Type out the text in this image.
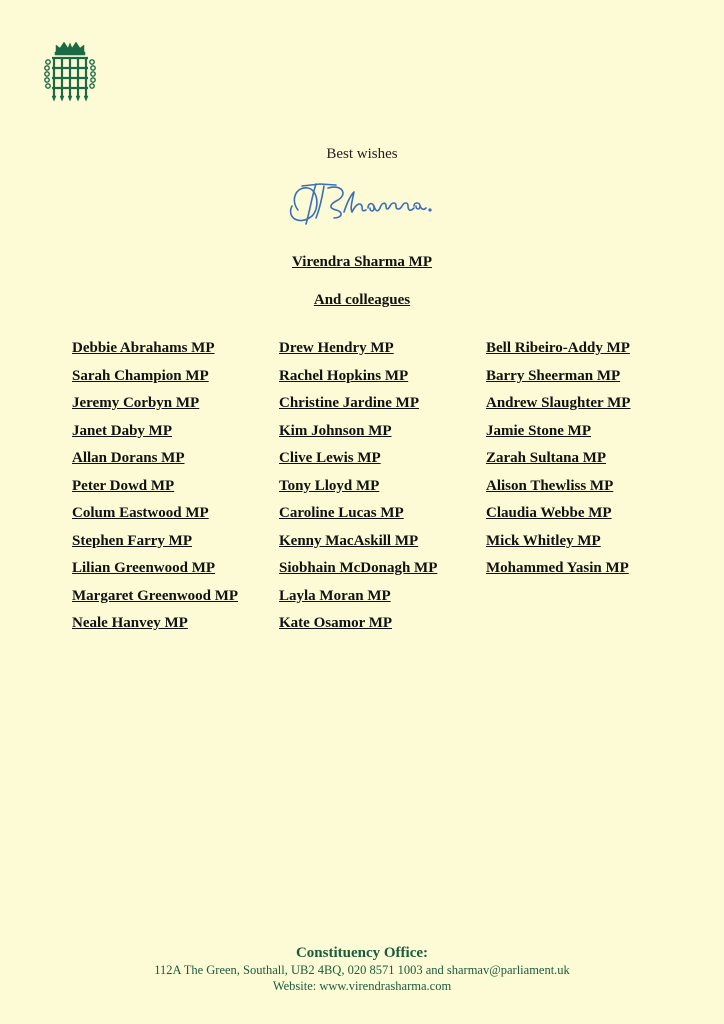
Best wishes
Virendra Sharma MP
And colleagues
Debbie Abrahams MP
Sarah Champion MP
Jeremy Corbyn MP
Janet Daby MP
Allan Dorans MP
Peter Dowd MP
Colum Eastwood MP
Stephen Farry MP
Lilian Greenwood MP
Margaret Greenwood MP
Neale Hanvey MP
Drew Hendry MP
Rachel Hopkins MP
Christine Jardine MP
Kim Johnson MP
Clive Lewis MP
Tony Lloyd MP
Caroline Lucas MP
Kenny MacAskill MP
Siobhain McDonagh MP
Layla Moran MP
Kate Osamor MP
Bell Ribeiro-Addy MP
Barry Sheerman MP
Andrew Slaughter MP
Jamie Stone MP
Zarah Sultana MP
Alison Thewliss MP
Claudia Webbe MP
Mick Whitley MP
Mohammed Yasin MP
Constituency Office:
112A The Green, Southall, UB2 4BQ, 020 8571 1003 and sharmav@parliament.uk
Website: www.virendrasharma.com
